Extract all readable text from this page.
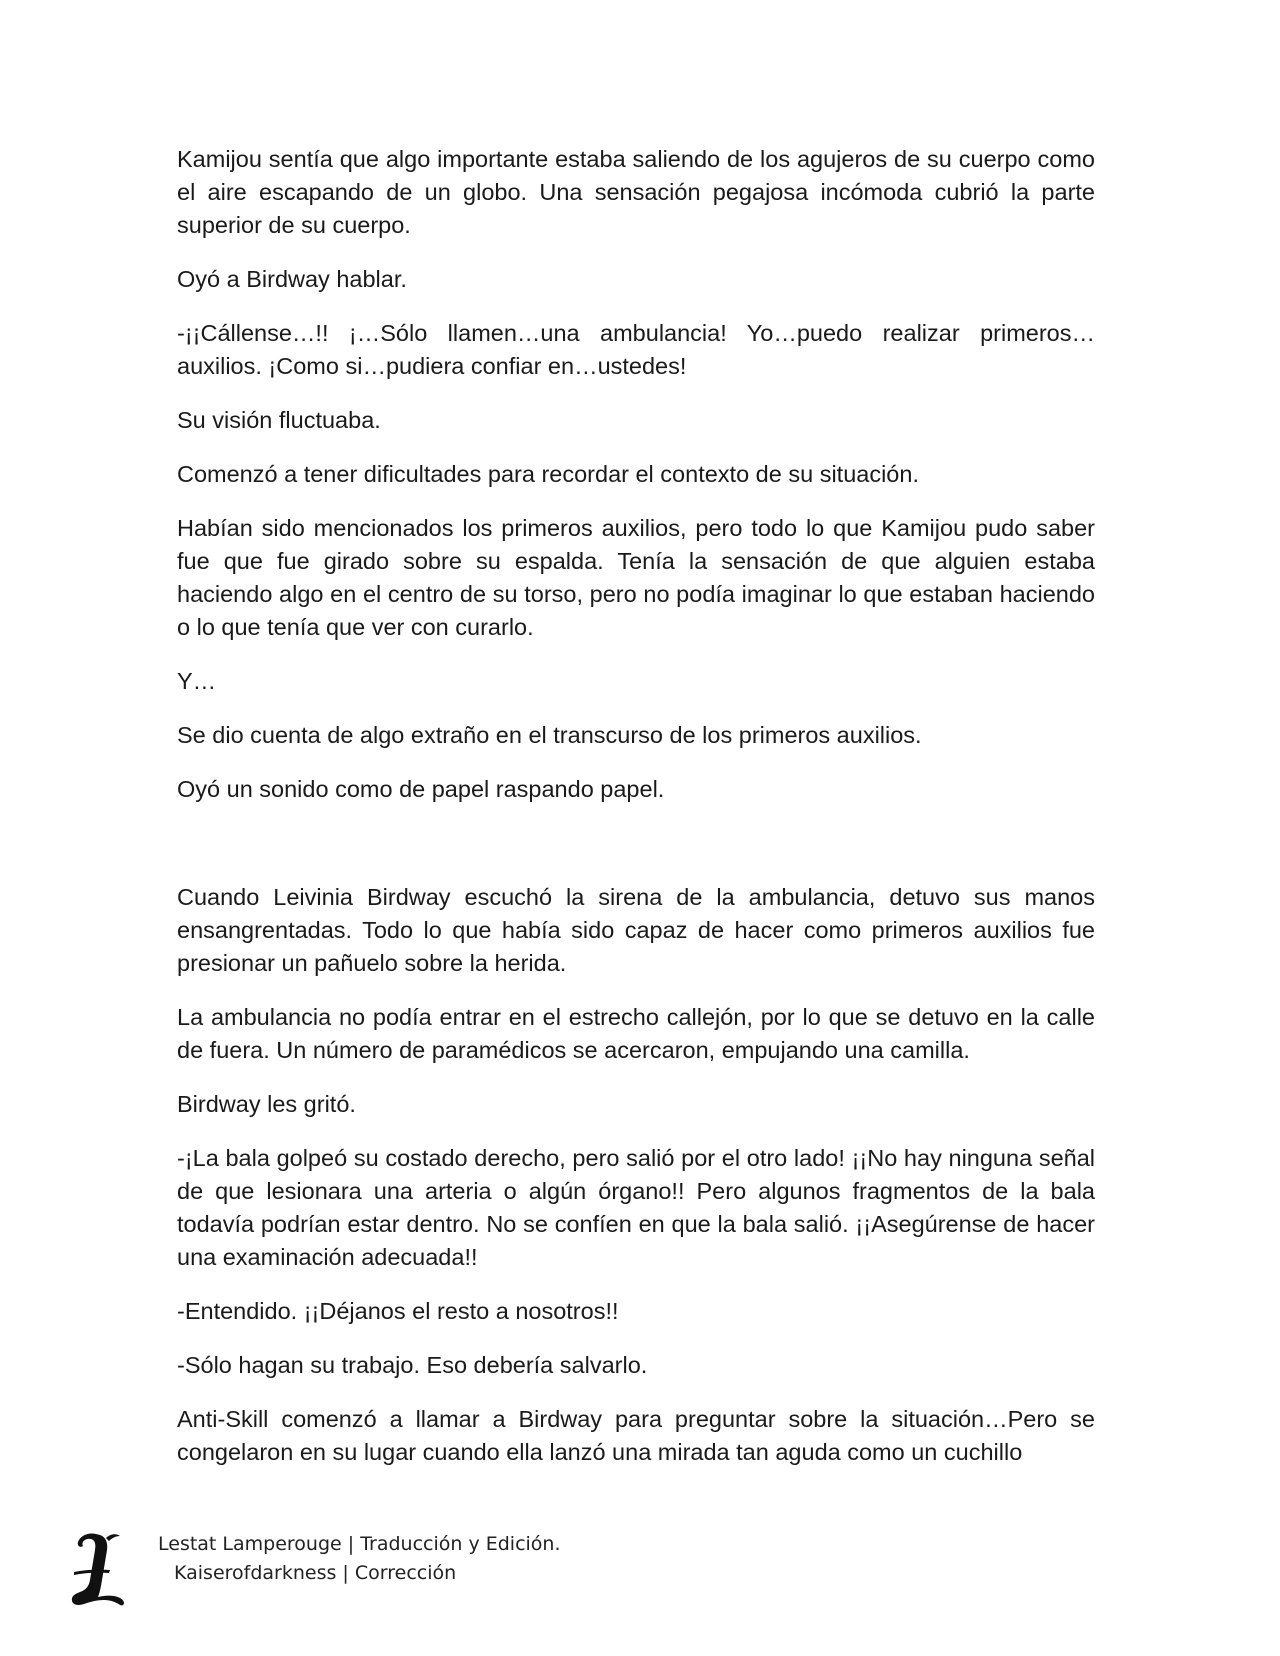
Kamijou sentía que algo importante estaba saliendo de los agujeros de su cuerpo como el aire escapando de un globo. Una sensación pegajosa incómoda cubrió la parte superior de su cuerpo.

Oyó a Birdway hablar.

-¡¡Cállense…!! ¡…Sólo llamen…una ambulancia! Yo…puedo realizar primeros…auxilios. ¡Como si…pudiera confiar en…ustedes!

Su visión fluctuaba.

Comenzó a tener dificultades para recordar el contexto de su situación.

Habían sido mencionados los primeros auxilios, pero todo lo que Kamijou pudo saber fue que fue girado sobre su espalda. Tenía la sensación de que alguien estaba haciendo algo en el centro de su torso, pero no podía imaginar lo que estaban haciendo o lo que tenía que ver con curarlo.

Y…

Se dio cuenta de algo extraño en el transcurso de los primeros auxilios.

Oyó un sonido como de papel raspando papel.

Cuando Leivinia Birdway escuchó la sirena de la ambulancia, detuvo sus manos ensangrentadas. Todo lo que había sido capaz de hacer como primeros auxilios fue presionar un pañuelo sobre la herida.

La ambulancia no podía entrar en el estrecho callejón, por lo que se detuvo en la calle de fuera. Un número de paramédicos se acercaron, empujando una camilla.

Birdway les gritó.

-¡La bala golpeó su costado derecho, pero salió por el otro lado! ¡¡No hay ninguna señal de que lesionara una arteria o algún órgano!! Pero algunos fragmentos de la bala todavía podrían estar dentro. No se confíen en que la bala salió. ¡¡Asegúrense de hacer una examinación adecuada!!

-Entendido. ¡¡Déjanos el resto a nosotros!!

-Sólo hagan su trabajo. Eso debería salvarlo.

Anti-Skill comenzó a llamar a Birdway para preguntar sobre la situación…Pero se congelaron en su lugar cuando ella lanzó una mirada tan aguda como un cuchillo

Lestat Lamperouge | Traducción y Edición.
Kaiserofdarkness | Corrección
